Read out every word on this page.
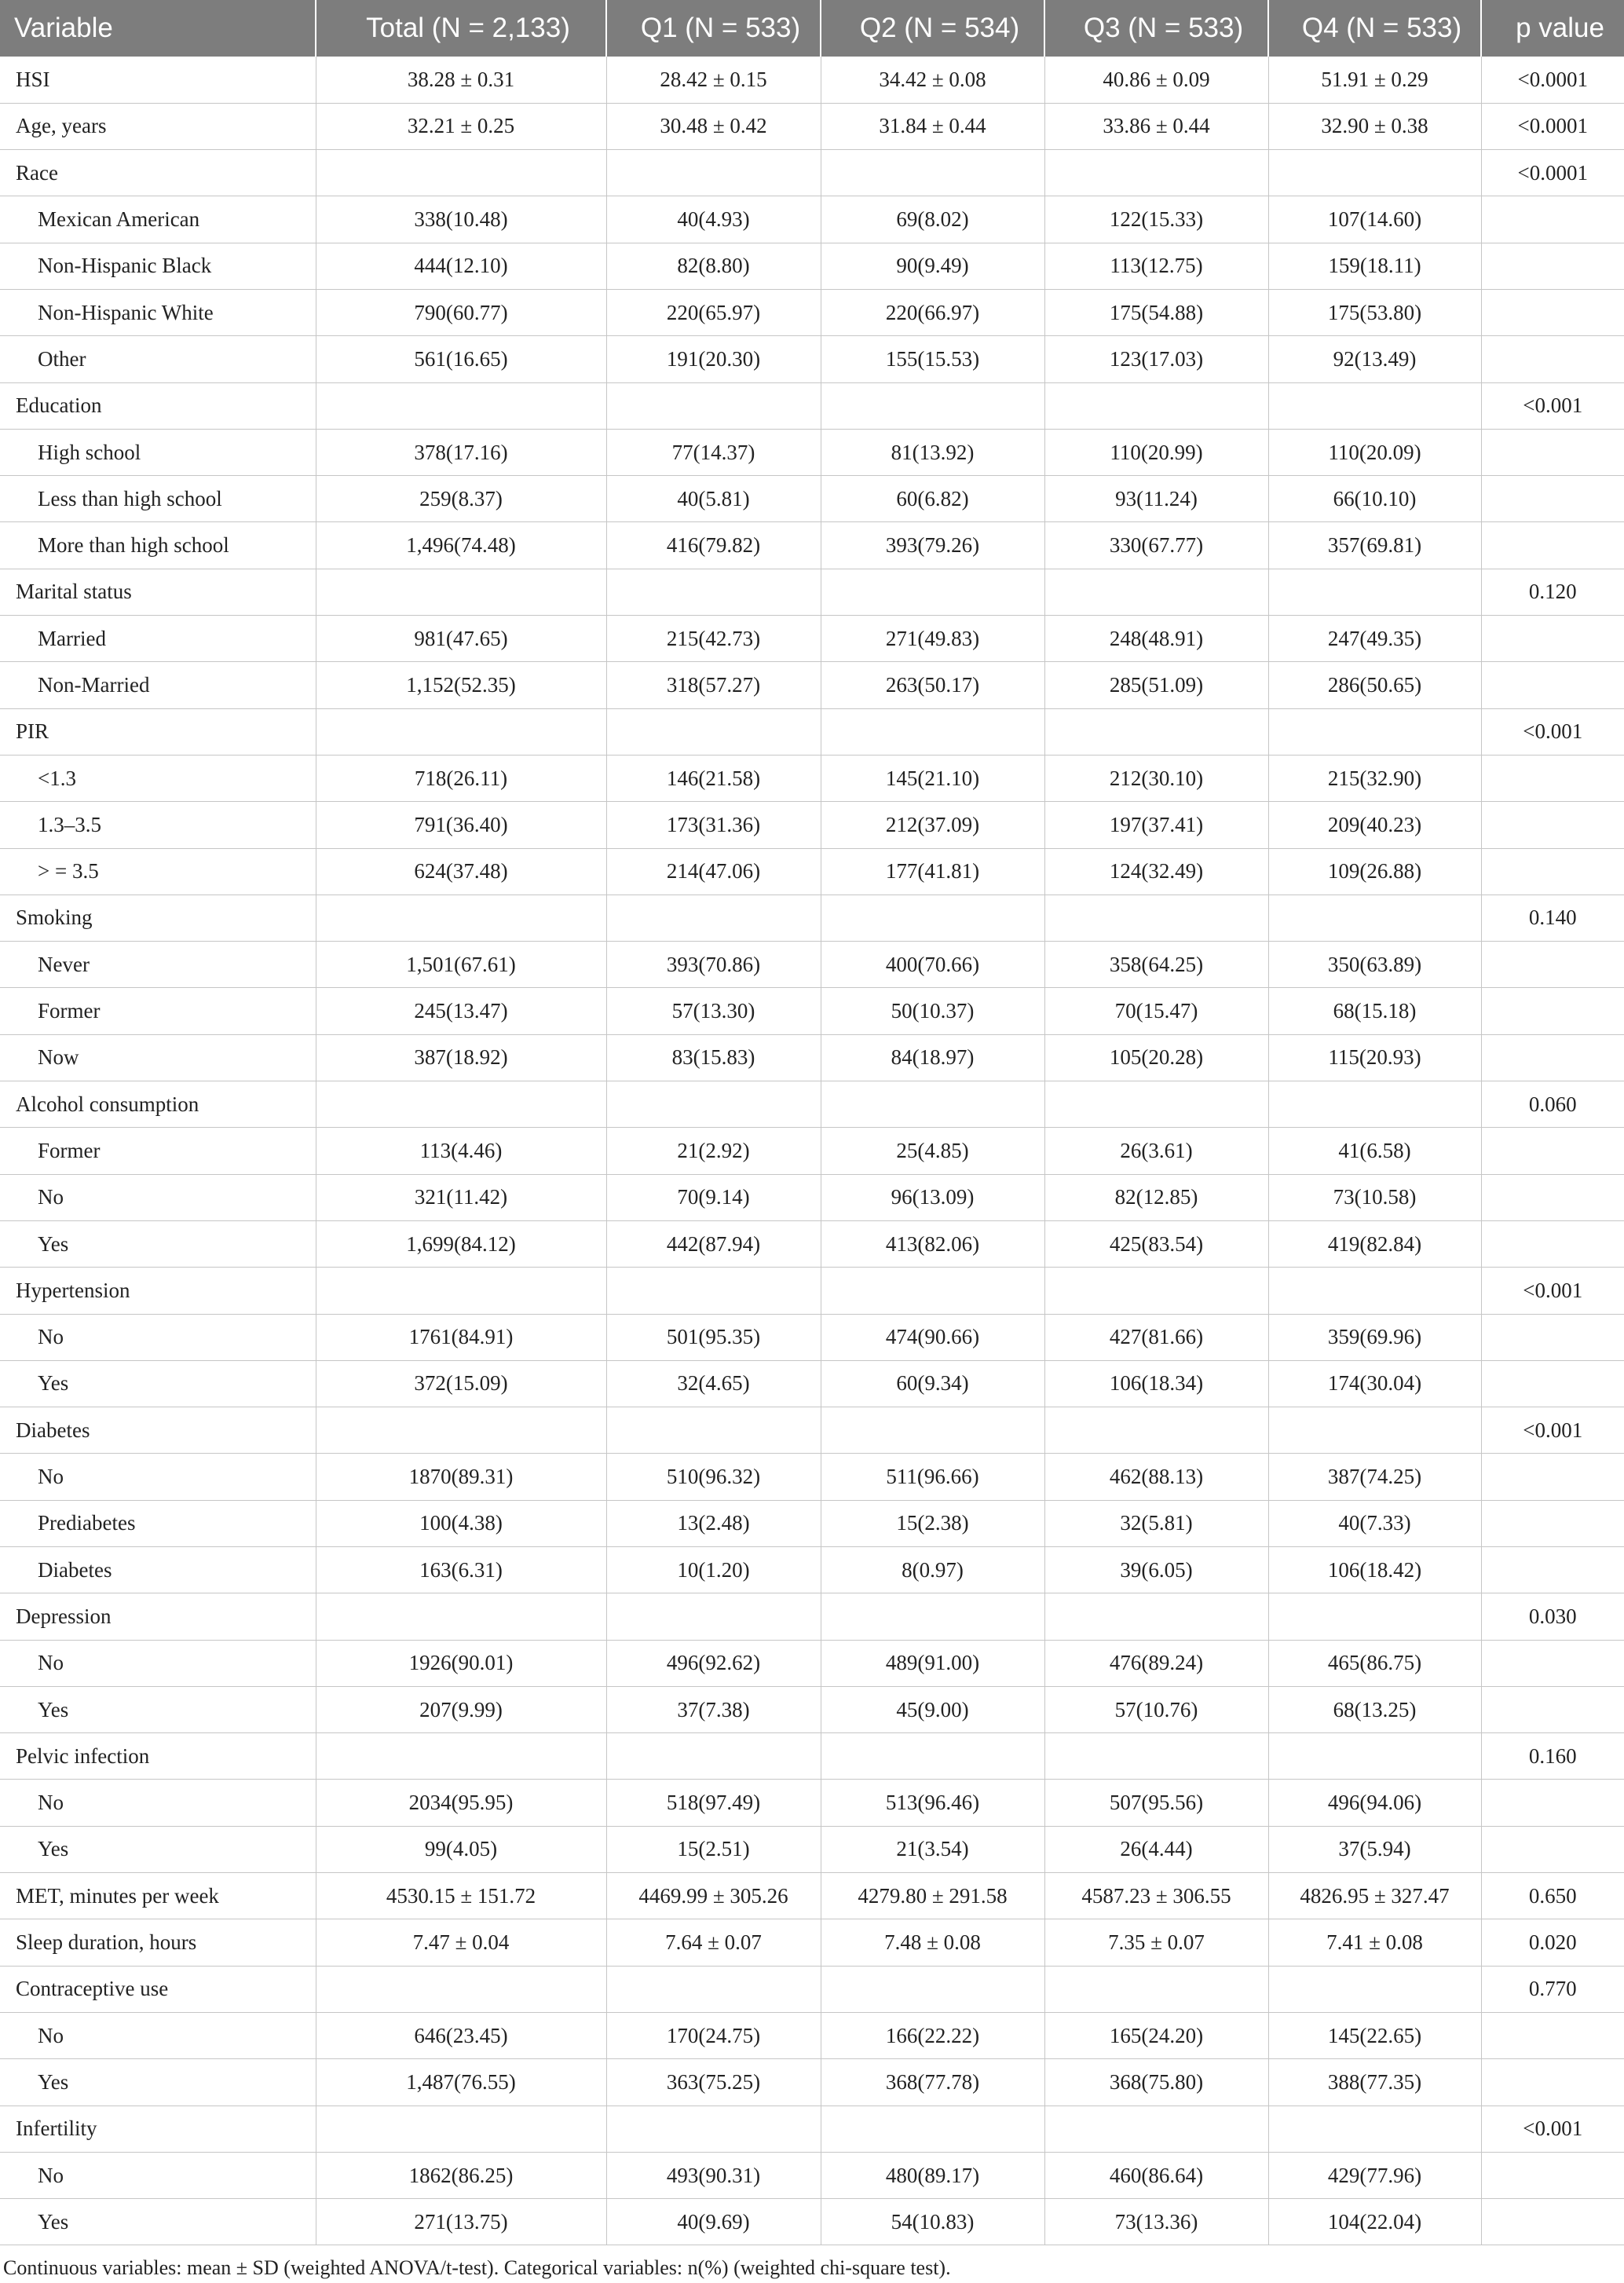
Variable	Total (N = 2,133)	Q1 (N = 533)	Q2 (N = 534)	Q3 (N = 533)	Q4 (N = 533)	p value
HSI	38.28 ± 0.31	28.42 ± 0.15	34.42 ± 0.08	40.86 ± 0.09	51.91 ± 0.29	<0.0001
Age, years	32.21 ± 0.25	30.48 ± 0.42	31.84 ± 0.44	33.86 ± 0.44	32.90 ± 0.38	<0.0001
Race						<0.0001
Mexican American	338(10.48)	40(4.93)	69(8.02)	122(15.33)	107(14.60)	
Non-Hispanic Black	444(12.10)	82(8.80)	90(9.49)	113(12.75)	159(18.11)	
Non-Hispanic White	790(60.77)	220(65.97)	220(66.97)	175(54.88)	175(53.80)	
Other	561(16.65)	191(20.30)	155(15.53)	123(17.03)	92(13.49)	
Education						<0.001
High school	378(17.16)	77(14.37)	81(13.92)	110(20.99)	110(20.09)	
Less than high school	259(8.37)	40(5.81)	60(6.82)	93(11.24)	66(10.10)	
More than high school	1,496(74.48)	416(79.82)	393(79.26)	330(67.77)	357(69.81)	
Marital status						0.120
Married	981(47.65)	215(42.73)	271(49.83)	248(48.91)	247(49.35)	
Non-Married	1,152(52.35)	318(57.27)	263(50.17)	285(51.09)	286(50.65)	
PIR						<0.001
<1.3	718(26.11)	146(21.58)	145(21.10)	212(30.10)	215(32.90)	
1.3–3.5	791(36.40)	173(31.36)	212(37.09)	197(37.41)	209(40.23)	
> = 3.5	624(37.48)	214(47.06)	177(41.81)	124(32.49)	109(26.88)	
Smoking						0.140
Never	1,501(67.61)	393(70.86)	400(70.66)	358(64.25)	350(63.89)	
Former	245(13.47)	57(13.30)	50(10.37)	70(15.47)	68(15.18)	
Now	387(18.92)	83(15.83)	84(18.97)	105(20.28)	115(20.93)	
Alcohol consumption						0.060
Former	113(4.46)	21(2.92)	25(4.85)	26(3.61)	41(6.58)	
No	321(11.42)	70(9.14)	96(13.09)	82(12.85)	73(10.58)	
Yes	1,699(84.12)	442(87.94)	413(82.06)	425(83.54)	419(82.84)	
Hypertension						<0.001
No	1761(84.91)	501(95.35)	474(90.66)	427(81.66)	359(69.96)	
Yes	372(15.09)	32(4.65)	60(9.34)	106(18.34)	174(30.04)	
Diabetes						<0.001
No	1870(89.31)	510(96.32)	511(96.66)	462(88.13)	387(74.25)	
Prediabetes	100(4.38)	13(2.48)	15(2.38)	32(5.81)	40(7.33)	
Diabetes	163(6.31)	10(1.20)	8(0.97)	39(6.05)	106(18.42)	
Depression						0.030
No	1926(90.01)	496(92.62)	489(91.00)	476(89.24)	465(86.75)	
Yes	207(9.99)	37(7.38)	45(9.00)	57(10.76)	68(13.25)	
Pelvic infection						0.160
No	2034(95.95)	518(97.49)	513(96.46)	507(95.56)	496(94.06)	
Yes	99(4.05)	15(2.51)	21(3.54)	26(4.44)	37(5.94)	
MET, minutes per week	4530.15 ± 151.72	4469.99 ± 305.26	4279.80 ± 291.58	4587.23 ± 306.55	4826.95 ± 327.47	0.650
Sleep duration, hours	7.47 ± 0.04	7.64 ± 0.07	7.48 ± 0.08	7.35 ± 0.07	7.41 ± 0.08	0.020
Contraceptive use						0.770
No	646(23.45)	170(24.75)	166(22.22)	165(24.20)	145(22.65)	
Yes	1,487(76.55)	363(75.25)	368(77.78)	368(75.80)	388(77.35)	
Infertility						<0.001
No	1862(86.25)	493(90.31)	480(89.17)	460(86.64)	429(77.96)	
Yes	271(13.75)	40(9.69)	54(10.83)	73(13.36)	104(22.04)	
Continuous variables: mean ± SD (weighted ANOVA/t-test). Categorical variables: n(%) (weighted chi-square test).
